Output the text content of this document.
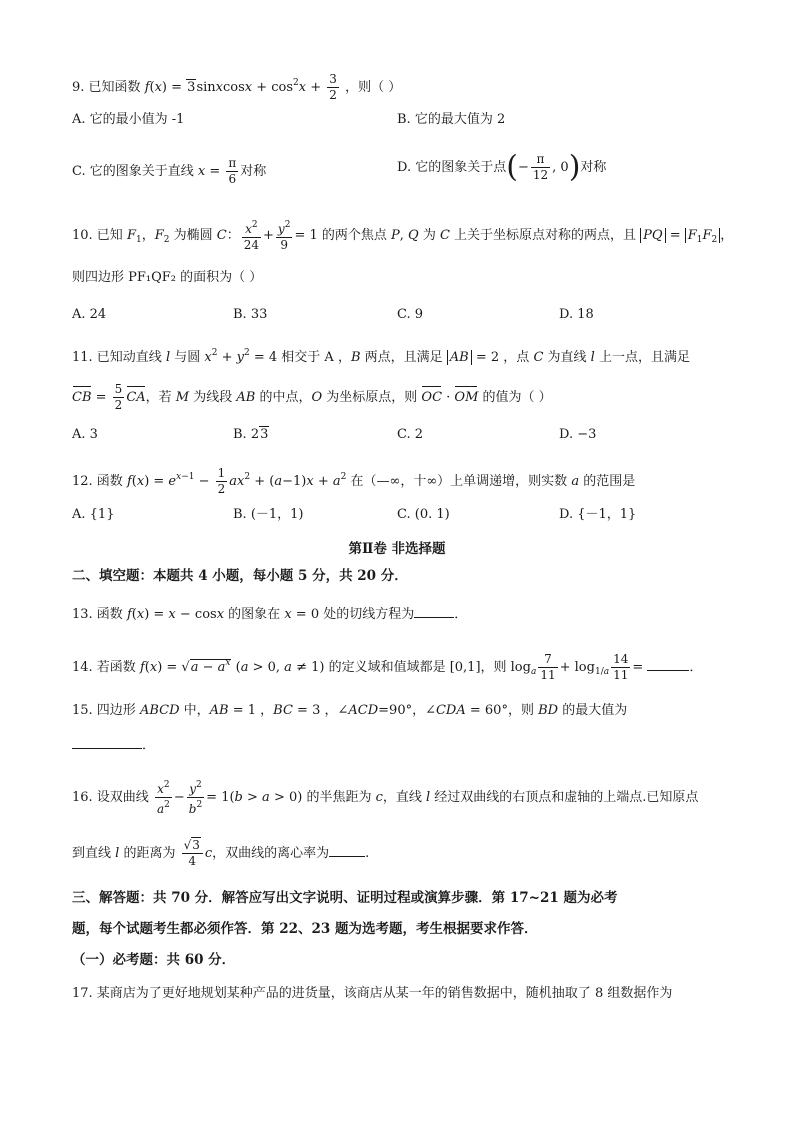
9. 已知函数 f(x) = 3sinxcosx + $\cos^2x + \frac{3}{2}$ ，则（ ）
A. 它的最小值为 -1	B. 它的最大值为 2
C. 它的图象关于直线 $x = \frac{\pi}{6}$ 对称	D. 它的图象关于点(− $\frac{\pi}{12}$ , 0)对称
10. 已知 $F_1$，$F_2$ 为椭圆 C： $\frac{x^2}{24} + \frac{y^2}{9} = 1$ 的两个焦点 P, Q 为 C 上关于坐标原点对称的两点，且 PQ = $F_1F_2$ ，
则四边形 PF₁QF₂ 的面积为（ ）
A. 24	B. 33	C. 9	D. 18
11. 已知动直线 l 与圆 $x^2 + y^2 = 4$ 相交于 A ，B 两点，且满足 AB = 2 ，点 C 为直线 l 上一点，且满足
CB = $\frac{5}{2}$ CA，若 M 为线段 AB 的中点，O 为坐标原点，则 OC · OM 的值为（ ）
A. 3	B. 23	C. 2	D. −3
12. 函数 $f(x) = e^{x-1} - \frac{1}{2} ax^2 + (a-1)x + a^2$ 在（—∞，十∞）上单调递增，则实数 a 的范围是
A. {1}	B. (－1，1)	C. (0. 1)	D. {－1，1}
第Ⅱ卷 非选择题
二、填空题：本题共 4 小题，每小题 5 分，共 20 分．
13. 函数 f(x) = x − cosx 的图象在 x = 0 处的切线方程为	．
14. 若函数 $f(x) = √a - a^x$ (a > 0, a ≠ 1) 的定义域和值域都是 [0,1]，则 $\log_a \frac{7}{11} + \log_{1/a} \frac{14}{11}$ =	．
15. 四边形 ABCD 中，AB = 1 ，BC = 3 ，∠ACD=90°，∠CDA = 60°，则 BD 的最大值为
．
16. 设双曲线 $\frac{x^2}{a^2} - \frac{y^2}{b^2} = 1(b > a > 0)$ 的半焦距为 c，直线 l 经过双曲线的右顶点和虚轴的上端点.已知原点
到直线 l 的距离为 $\frac{√3}{4}$ c，双曲线的离心率为	.
三、解答题：共 70 分．解答应写出文字说明、证明过程或演算步骤．第 17~21 题为必考
题，每个试题考生都必须作答．第 22、23 题为选考题，考生根据要求作答．
（一）必考题：共 60 分．
17. 某商店为了更好地规划某种产品的进货量，该商店从某一年的销售数据中，随机抽取了 8 组数据作为
